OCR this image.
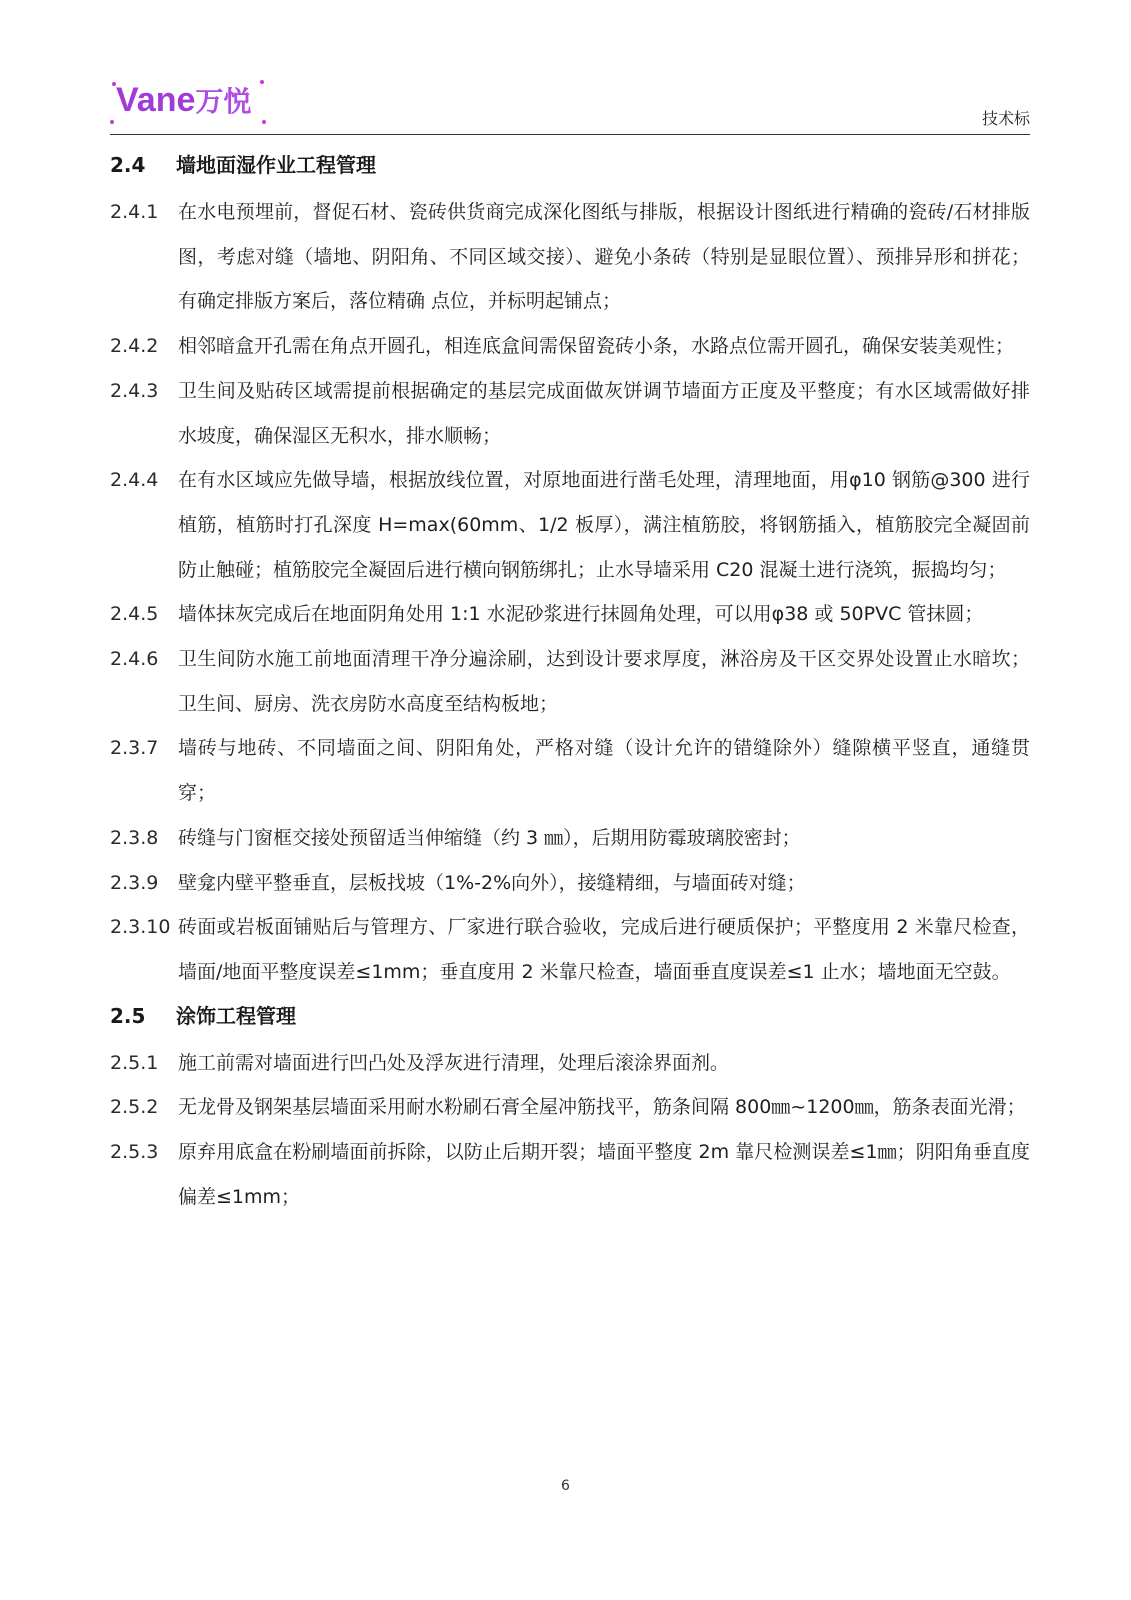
Vane万悦
技术标
2.4 墙地面湿作业工程管理
2.4.1 在水电预埋前，督促石材、瓷砖供货商完成深化图纸与排版，根据设计图纸进行精确的瓷砖/石材排版图，考虑对缝（墙地、阴阳角、不同区域交接）、避免小条砖（特别是显眼位置）、预排异形和拼花；有确定排版方案后，落位精确 点位，并标明起铺点；
2.4.2 相邻暗盒开孔需在角点开圆孔，相连底盒间需保留瓷砖小条，水路点位需开圆孔，确保安装美观性；
2.4.3 卫生间及贴砖区域需提前根据确定的基层完成面做灰饼调节墙面方正度及平整度；有水区域需做好排水坡度，确保湿区无积水，排水顺畅；
2.4.4 在有水区域应先做导墙，根据放线位置，对原地面进行凿毛处理，清理地面，用φ10 钢筋@300 进行植筋，植筋时打孔深度 H=max(60mm、1/2 板厚），满注植筋胶，将钢筋插入，植筋胶完全凝固前防止触碰；植筋胶完全凝固后进行横向钢筋绑扎；止水导墙采用 C20 混凝土进行浇筑，振捣均匀；
2.4.5 墙体抹灰完成后在地面阴角处用 1:1 水泥砂浆进行抹圆角处理，可以用φ38 或 50PVC 管抹圆；
2.4.6 卫生间防水施工前地面清理干净分遍涂刷，达到设计要求厚度，淋浴房及干区交界处设置止水暗坎；卫生间、厨房、洗衣房防水高度至结构板地；
2.3.7 墙砖与地砖、不同墙面之间、阴阳角处，严格对缝（设计允许的错缝除外）缝隙横平竖直，通缝贯穿；
2.3.8 砖缝与门窗框交接处预留适当伸缩缝（约 3 ㎜），后期用防霉玻璃胶密封；
2.3.9 壁龛内壁平整垂直，层板找坡（1%-2%向外），接缝精细，与墙面砖对缝；
2.3.10 砖面或岩板面铺贴后与管理方、厂家进行联合验收，完成后进行硬质保护；平整度用 2 米靠尺检查，墙面/地面平整度误差≤1mm；垂直度用 2 米靠尺检查，墙面垂直度误差≤1 止水；墙地面无空鼓。
2.5 涂饰工程管理
2.5.1 施工前需对墙面进行凹凸处及浮灰进行清理，处理后滚涂界面剂。
2.5.2 无龙骨及钢架基层墙面采用耐水粉刷石膏全屋冲筋找平，筋条间隔 800㎜~1200㎜，筋条表面光滑；
2.5.3 原弃用底盒在粉刷墙面前拆除，以防止后期开裂；墙面平整度 2m 靠尺检测误差≤1㎜；阴阳角垂直度偏差≤1mm；
6
